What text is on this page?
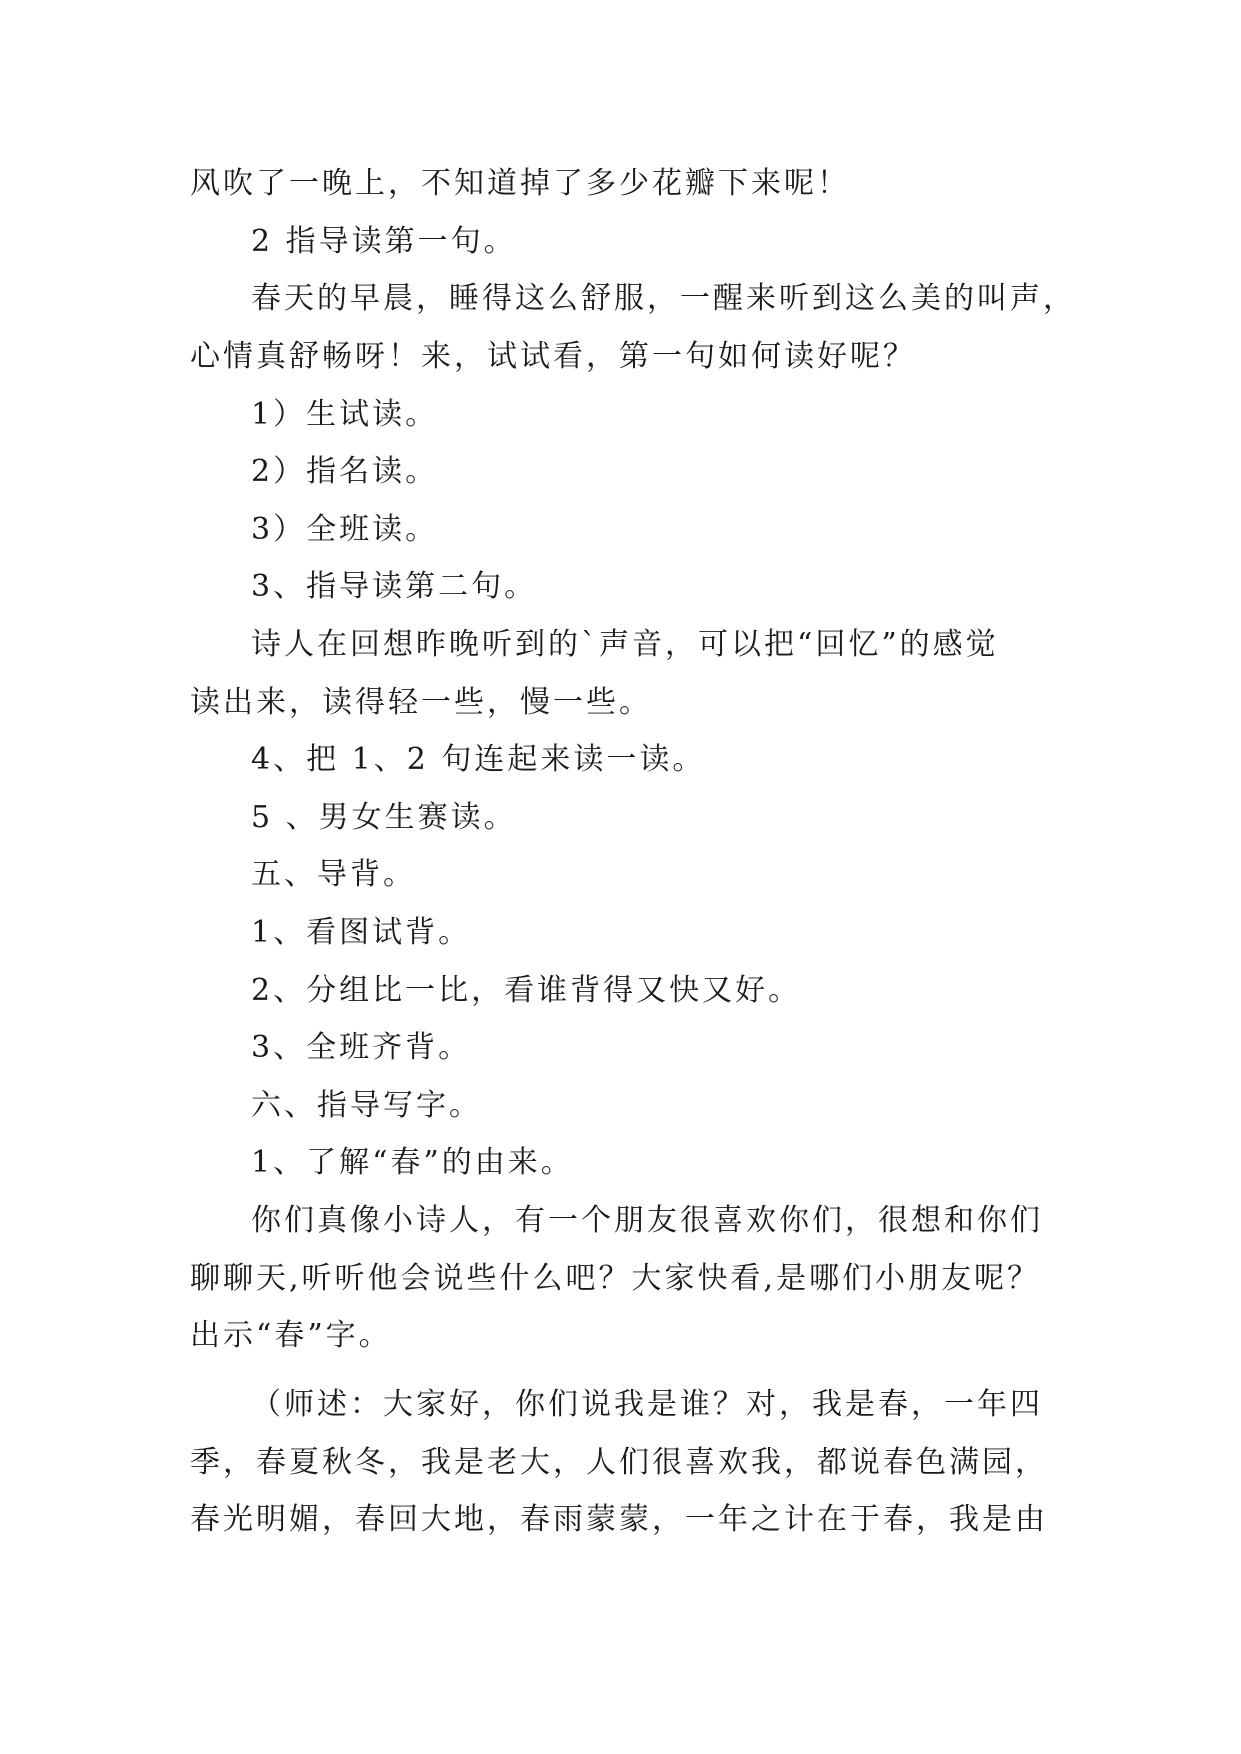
风吹了一晚上，不知道掉了多少花瓣下来呢！
2 指导读第一句。
春天的早晨，睡得这么舒服，一醒来听到这么美的叫声，
心情真舒畅呀！来，试试看，第一句如何读好呢？
1）生试读。
2）指名读。
3）全班读。
3、指导读第二句。
诗人在回想昨晚听到的`声音，可以把“回忆”的感觉
读出来，读得轻一些，慢一些。
4、把 1、2 句连起来读一读。
5 、男女生赛读。
五、导背。
1、看图试背。
2、分组比一比，看谁背得又快又好。
3、全班齐背。
六、指导写字。
1、了解“春”的由来。
你们真像小诗人，有一个朋友很喜欢你们，很想和你们
聊聊天,听听他会说些什么吧？大家快看,是哪们小朋友呢？
出示“春”字。
（师述：大家好，你们说我是谁？对，我是春，一年四
季，春夏秋冬，我是老大，人们很喜欢我，都说春色满园，
春光明媚，春回大地，春雨蒙蒙，一年之计在于春，我是由
